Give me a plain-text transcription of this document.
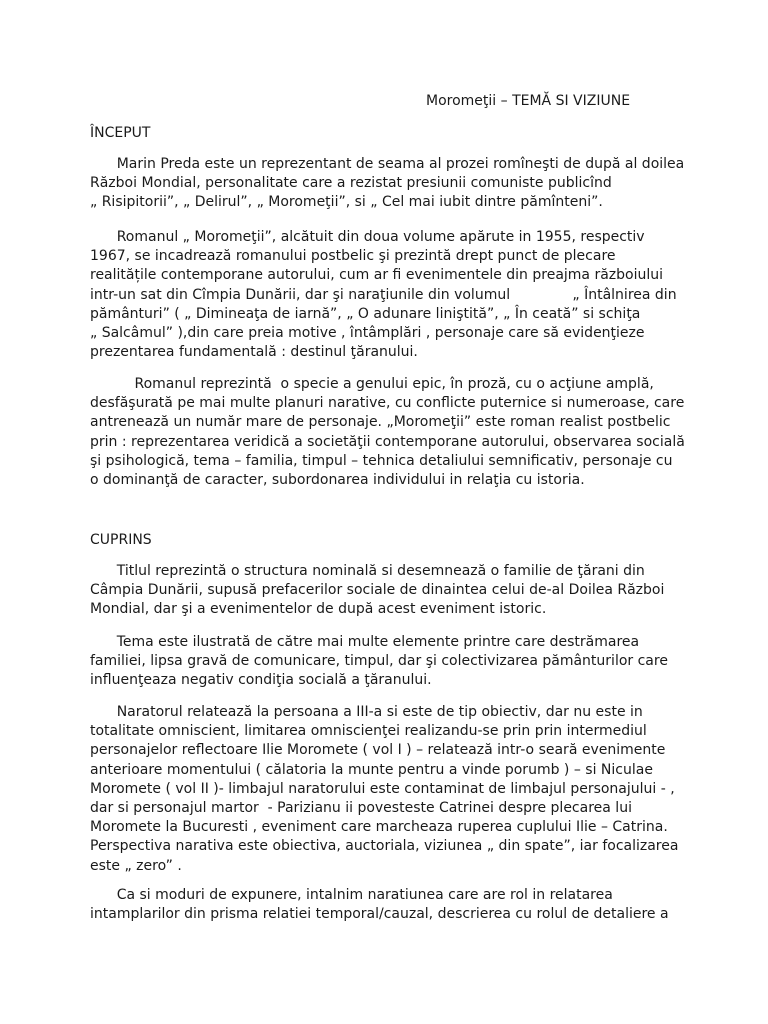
Moromeţii – TEMĂ SI VIZIUNE
ÎNCEPUT
Marin Preda este un reprezentant de seama al prozei romîneşti de după al doilea
Război Mondial, personalitate care a rezistat presiunii comuniste publicînd
„ Risipitorii”, „ Delirul”, „ Moromeţii”, si „ Cel mai iubit dintre pămînteni”.
Romanul „ Moromeţii”, alcătuit din doua volume apărute in 1955, respectiv
1967, se incadrează romanului postbelic şi prezintă drept punct de plecare
realitățile contemporane autorului, cum ar fi evenimentele din preajma războiului
intr-un sat din Cîmpia Dunării, dar şi naraţiunile din volumul              „ Întâlnirea din
pământuri” ( „ Dimineaţa de iarnă”, „ O adunare liniştită”, „ În ceată” si schiţa
„ Salcâmul” ),din care preia motive , întâmplări , personaje care să evidenţieze
prezentarea fundamentală : destinul ţăranului.
Romanul reprezintă  o specie a genului epic, în proză, cu o acţiune amplă,
desfăşurată pe mai multe planuri narative, cu conflicte puternice si numeroase, care
antrenează un număr mare de personaje. „Moromeţii” este roman realist postbelic
prin : reprezentarea veridică a societăţii contemporane autorului, observarea socială
şi psihologică, tema – familia, timpul – tehnica detaliului semnificativ, personaje cu
o dominanţă de caracter, subordonarea individului in relaţia cu istoria.
CUPRINS
Titlul reprezintă o structura nominală si desemnează o familie de ţărani din
Câmpia Dunării, supusă prefacerilor sociale de dinaintea celui de-al Doilea Război
Mondial, dar şi a evenimentelor de după acest eveniment istoric.
Tema este ilustrată de către mai multe elemente printre care destrămarea
familiei, lipsa gravă de comunicare, timpul, dar şi colectivizarea pământurilor care
influenţeaza negativ condiţia socială a ţăranului.
Naratorul relatează la persoana a III-a si este de tip obiectiv, dar nu este in
totalitate omniscient, limitarea omniscienţei realizandu-se prin prin intermediul
personajelor reflectoare Ilie Moromete ( vol I ) – relatează intr-o seară evenimente
anterioare momentului ( călatoria la munte pentru a vinde porumb ) – si Niculae
Moromete ( vol II )- limbajul naratorului este contaminat de limbajul personajului - ,
dar si personajul martor  - Parizianu ii povesteste Catrinei despre plecarea lui
Moromete la Bucuresti , eveniment care marcheaza ruperea cuplului Ilie – Catrina.
Perspectiva narativa este obiectiva, auctoriala, viziunea „ din spate”, iar focalizarea
este „ zero” .
Ca si moduri de expunere, intalnim naratiunea care are rol in relatarea
intamplarilor din prisma relatiei temporal/cauzal, descrierea cu rolul de detaliere a
